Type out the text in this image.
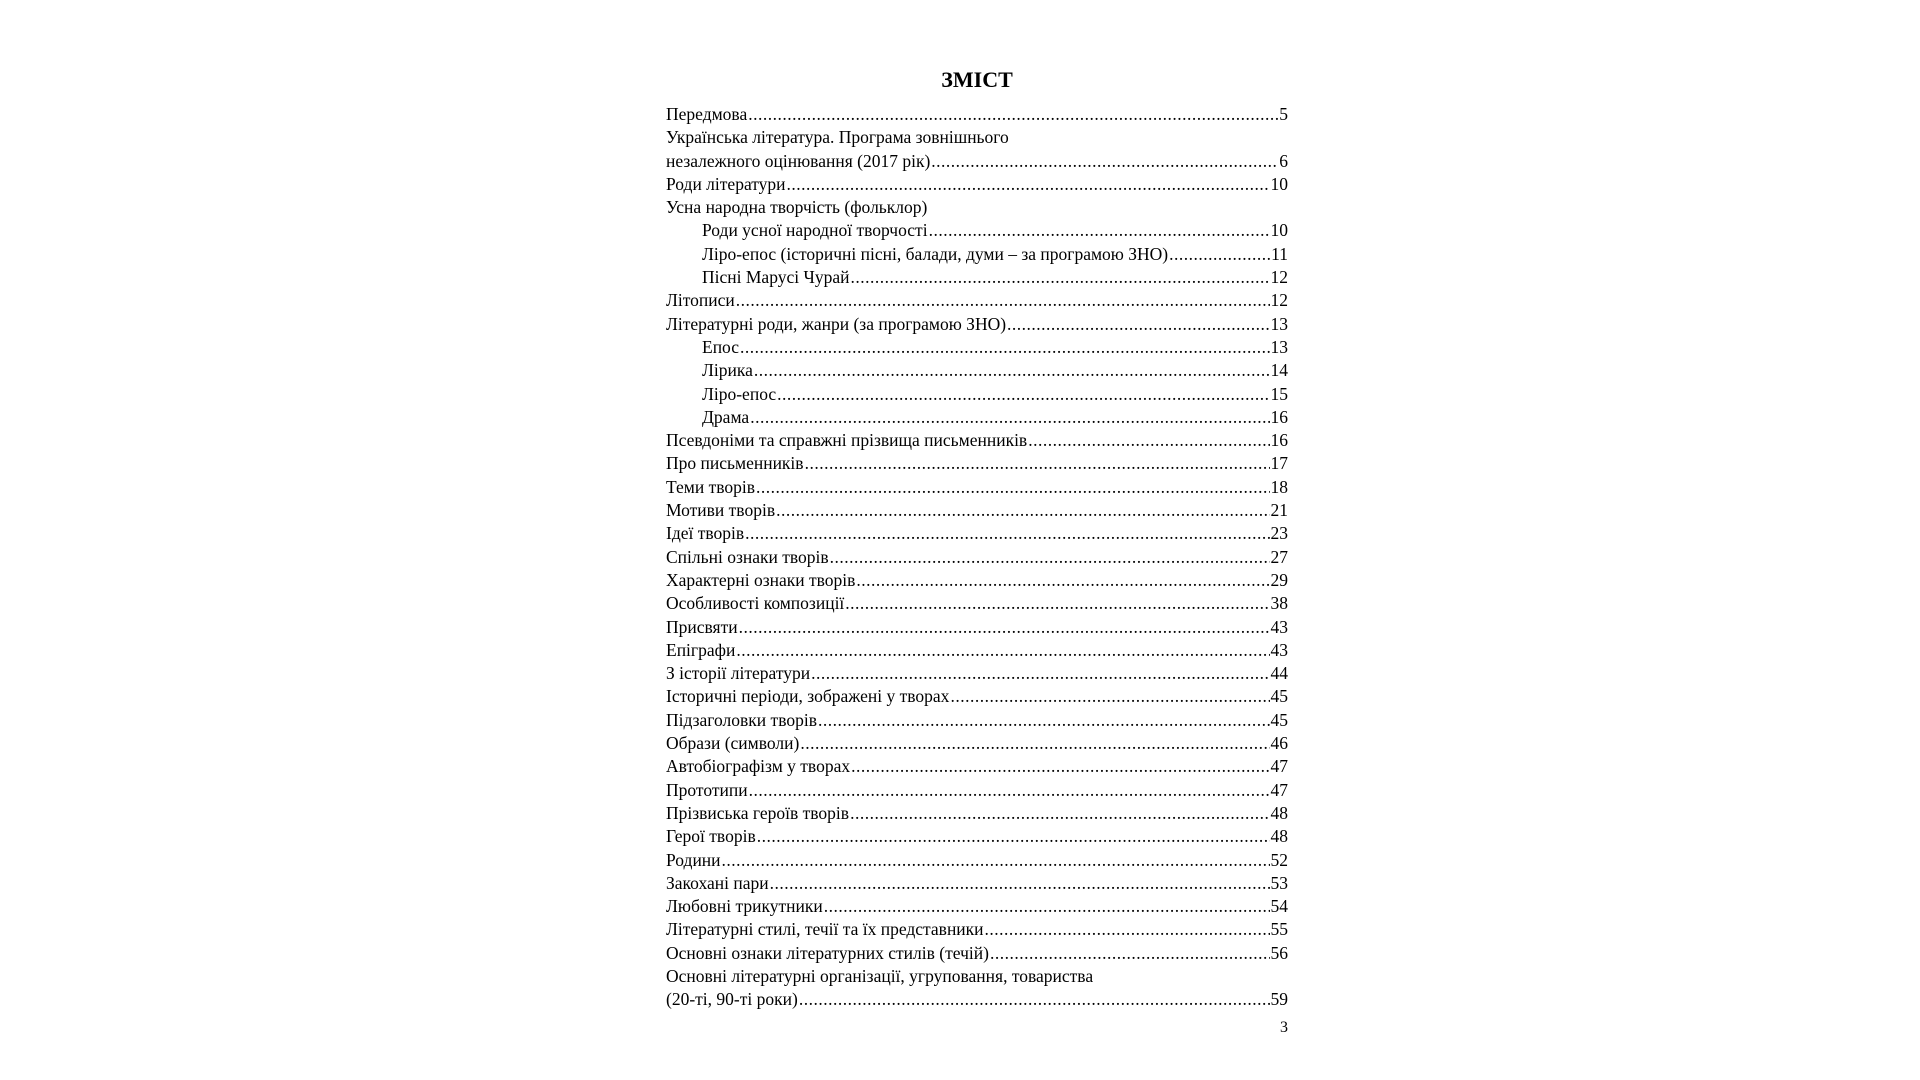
ЗМІСТ
Передмова .....	5
Українська література. Програма зовнішнього
незалежного оцінювання (2017 рік) .....	6
Роди літератури .....	10
Усна народна творчість (фольклор)
Роди усної народної творчості .....	10
Ліро-епос (історичні пісні, балади, думи – за програмою ЗНО) .....	11
Пісні Марусі Чурай .....	12
Літописи .....	12
Літературні роди, жанри (за програмою ЗНО) .....	13
Епос .....	13
Лірика .....	14
Ліро-епос .....	15
Драма .....	16
Псевдоніми та справжні прізвища письменників .....	16
Про письменників .....	17
Теми творів .....	18
Мотиви творів .....	21
Ідеї творів .....	23
Спільні ознаки творів .....	27
Характерні ознаки творів .....	29
Особливості композиції .....	38
Присвяти .....	43
Епіграфи .....	43
З історії літератури .....	44
Історичні періоди, зображені у творах .....	45
Підзаголовки творів .....	45
Образи (символи) .....	46
Автобіографізм у творах .....	47
Прототипи .....	47
Прізвиська героїв творів .....	48
Герої творів .....	48
Родини .....	52
Закохані пари .....	53
Любовні трикутники .....	54
Літературні стилі, течії та їх представники .....	55
Основні ознаки літературних стилів (течій) .....	56
Основні літературні організації, угруповання, товариства
(20-ті, 90-ті роки) .....	59
3
